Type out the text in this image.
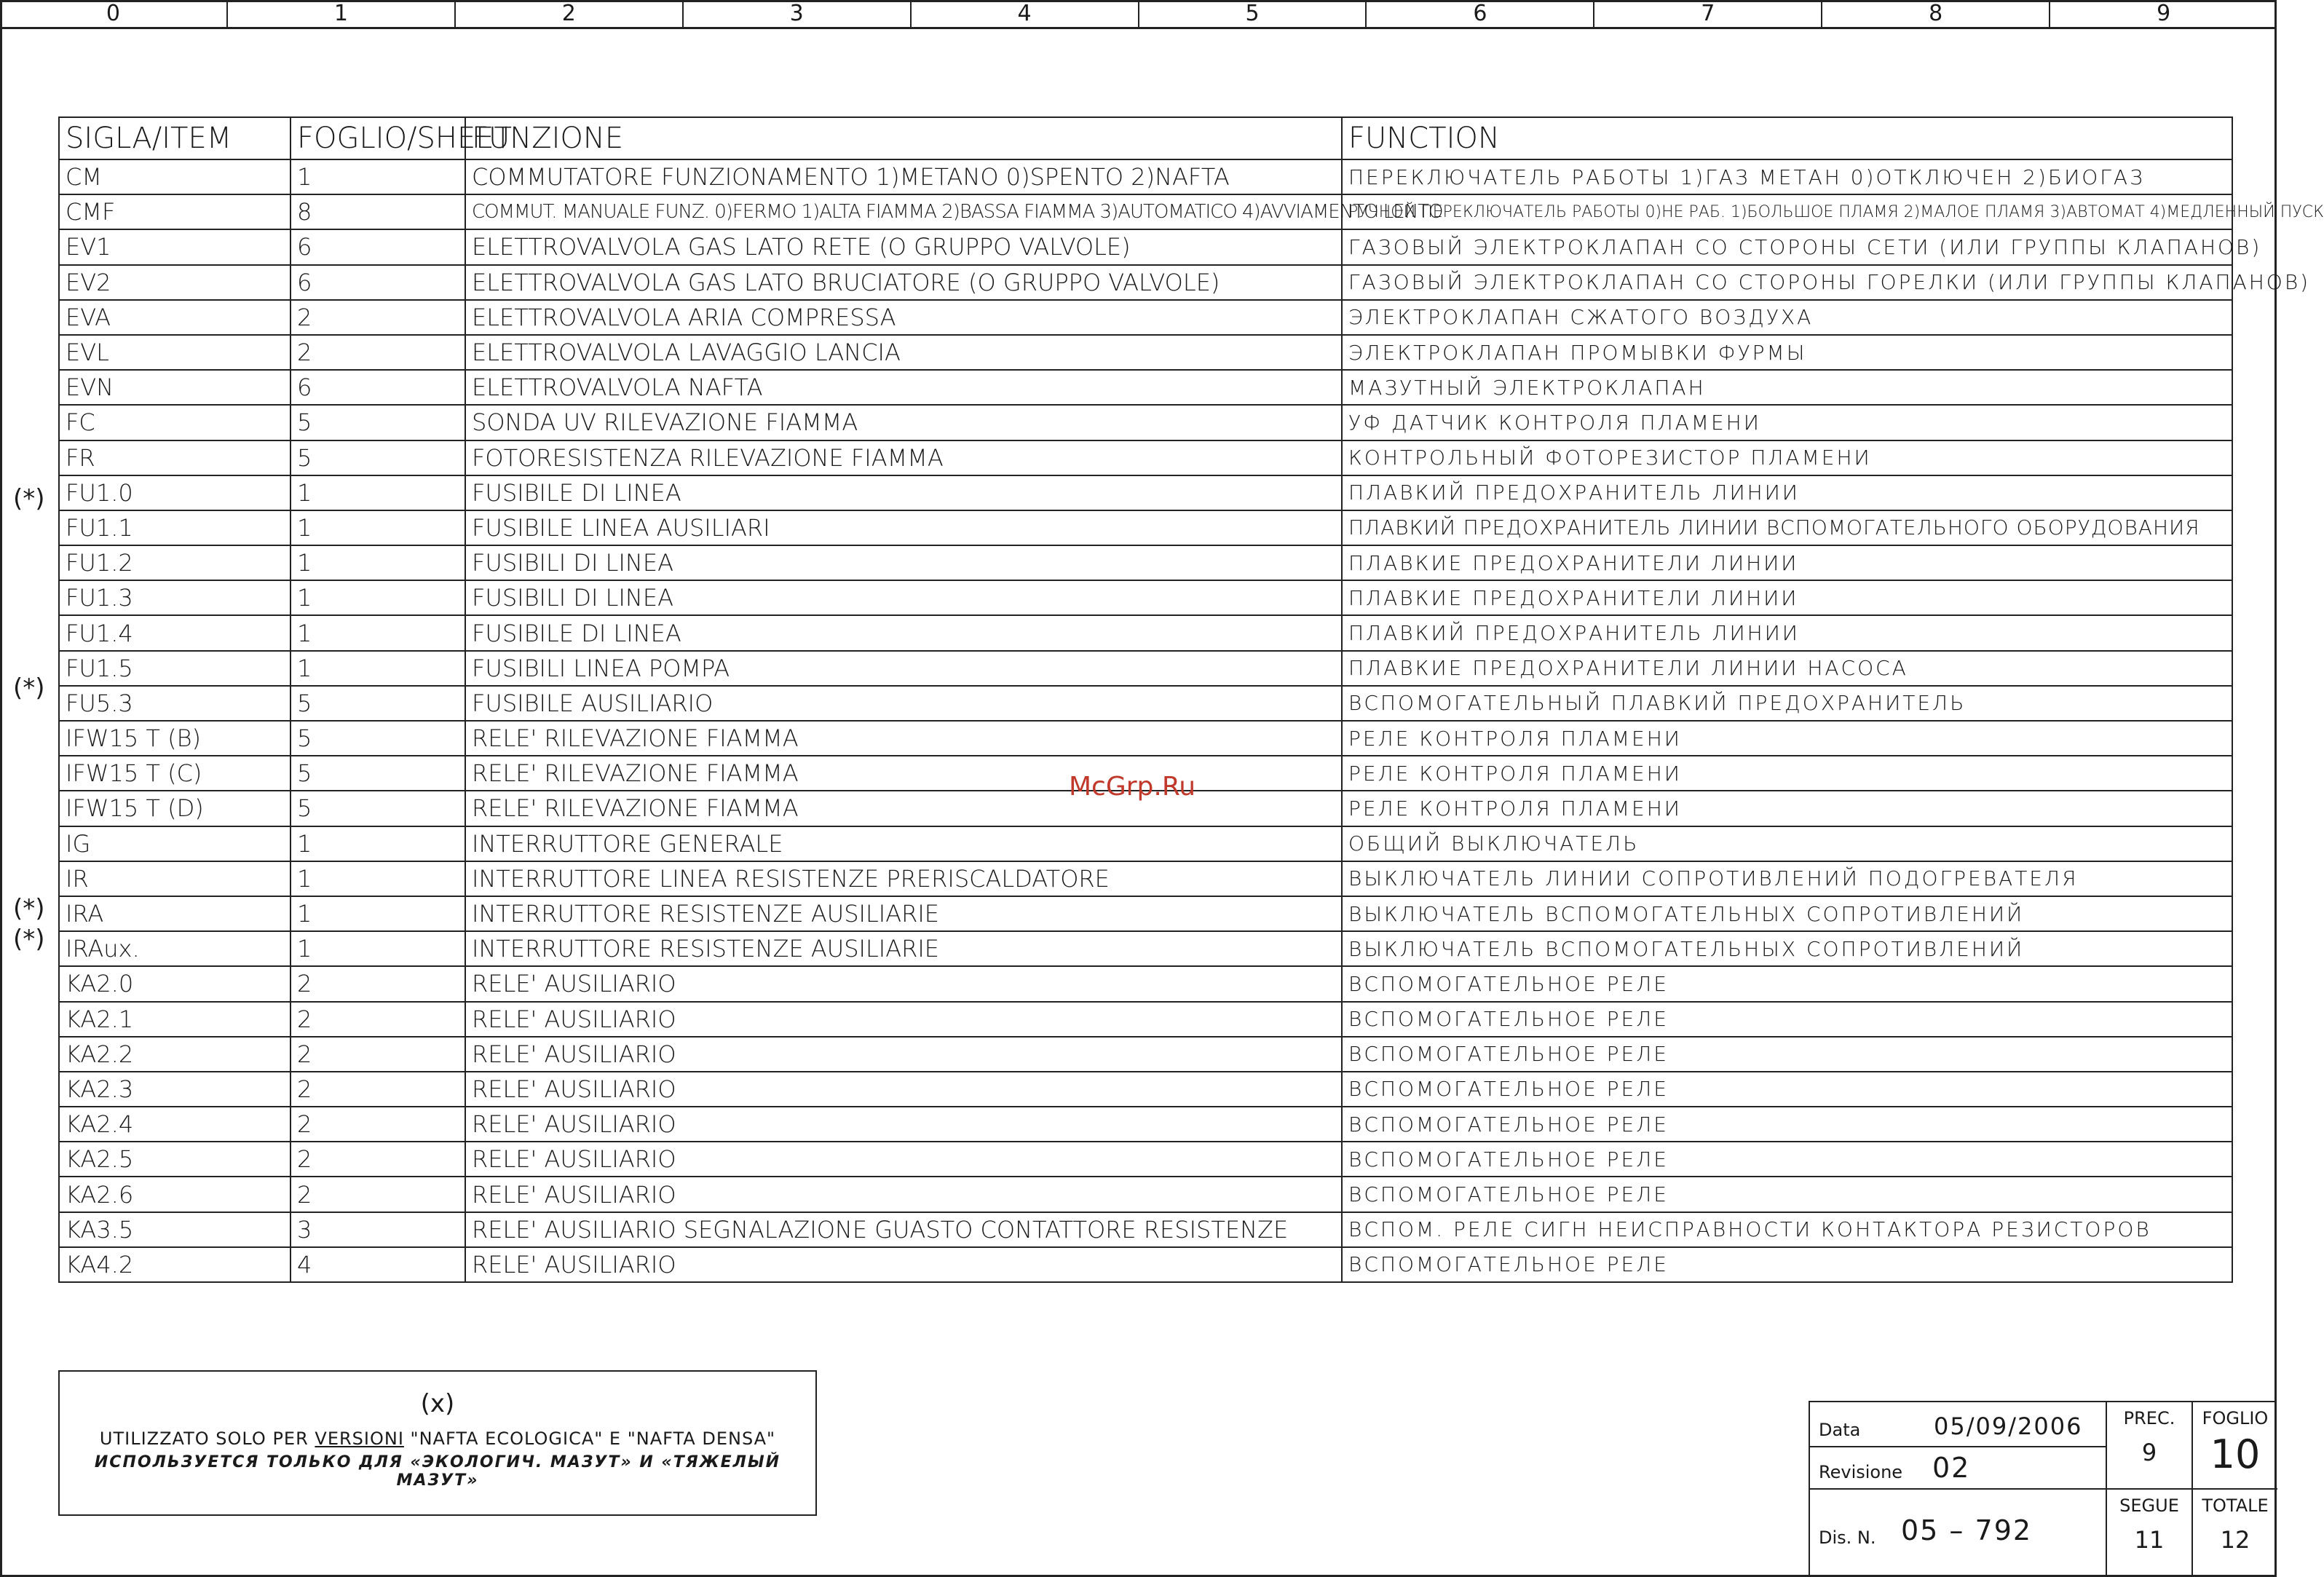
0	1	2	3	4	5	6	7	8	9
SIGLA/ITEM	FOGLIO/SHEET	FUNZIONE	FUNCTION
CM	1	COMMUTATORE FUNZIONAMENTO 1)METANO 0)SPENTO 2)NAFTA	ПЕРЕКЛЮЧАТЕЛЬ РАБОТЫ 1)ГАЗ МЕТАН 0)ОТКЛЮЧЕН 2)БИОГАЗ
CMF	8	COMMUT. MANUALE FUNZ. 0)FERMO 1)ALTA FIAMMA 2)BASSA FIAMMA 3)AUTOMATICO 4)AVVIAMENTO LENTO	РУЧНОЙ ПЕРЕКЛЮЧАТЕЛЬ РАБОТЫ 0)НЕ РАБ. 1)БОЛЬШОЕ ПЛАМЯ 2)МАЛОЕ ПЛАМЯ 3)АВТОМАТ 4)МЕДЛЕННЫЙ ПУСК
EV1	6	ELETTROVALVOLA GAS LATO RETE (O GRUPPO VALVOLE)	ГАЗОВЫЙ ЭЛЕКТРОКЛАПАН СО СТОРОНЫ СЕТИ (ИЛИ ГРУППЫ КЛАПАНОВ)
EV2	6	ELETTROVALVOLA GAS LATO BRUCIATORE (O GRUPPO VALVOLE)	ГАЗОВЫЙ ЭЛЕКТРОКЛАПАН СО СТОРОНЫ ГОРЕЛКИ (ИЛИ ГРУППЫ КЛАПАНОВ)
EVA	2	ELETTROVALVOLA ARIA COMPRESSA	ЭЛЕКТРОКЛАПАН СЖАТОГО ВОЗДУХА
EVL	2	ELETTROVALVOLA LAVAGGIO LANCIA	ЭЛЕКТРОКЛАПАН ПРОМЫВКИ ФУРМЫ
EVN	6	ELETTROVALVOLA NAFTA	МАЗУТНЫЙ ЭЛЕКТРОКЛАПАН
FC	5	SONDA UV RILEVAZIONE FIAMMA	УФ ДАТЧИК КОНТРОЛЯ ПЛАМЕНИ
FR	5	FOTORESISTENZA RILEVAZIONE FIAMMA	КОНТРОЛЬНЫЙ ФОТОРЕЗИСТОР ПЛАМЕНИ
FU1.0	1	FUSIBILE DI LINEA	ПЛАВКИЙ ПРЕДОХРАНИТЕЛЬ ЛИНИИ
FU1.1	1	FUSIBILE LINEA AUSILIARI	ПЛАВКИЙ ПРЕДОХРАНИТЕЛЬ ЛИНИИ ВСПОМОГАТЕЛЬНОГО ОБОРУДОВАНИЯ
FU1.2	1	FUSIBILI DI LINEA	ПЛАВКИЕ ПРЕДОХРАНИТЕЛИ ЛИНИИ
FU1.3	1	FUSIBILI DI LINEA	ПЛАВКИЕ ПРЕДОХРАНИТЕЛИ ЛИНИИ
FU1.4	1	FUSIBILE DI LINEA	ПЛАВКИЙ ПРЕДОХРАНИТЕЛЬ ЛИНИИ
FU1.5	1	FUSIBILI LINEA POMPA	ПЛАВКИЕ ПРЕДОХРАНИТЕЛИ ЛИНИИ НАСОСА
FU5.3	5	FUSIBILE AUSILIARIO	ВСПОМОГАТЕЛЬНЫЙ ПЛАВКИЙ ПРЕДОХРАНИТЕЛЬ
IFW15 T (B)	5	RELE' RILEVAZIONE FIAMMA	РЕЛЕ КОНТРОЛЯ ПЛАМЕНИ
IFW15 T (C)	5	RELE' RILEVAZIONE FIAMMA	РЕЛЕ КОНТРОЛЯ ПЛАМЕНИ
IFW15 T (D)	5	RELE' RILEVAZIONE FIAMMA	РЕЛЕ КОНТРОЛЯ ПЛАМЕНИ
IG	1	INTERRUTTORE GENERALE	ОБЩИЙ ВЫКЛЮЧАТЕЛЬ
IR	1	INTERRUTTORE LINEA RESISTENZE PRERISCALDATORE	ВЫКЛЮЧАТЕЛЬ ЛИНИИ СОПРОТИВЛЕНИЙ ПОДОГРЕВАТЕЛЯ
IRA	1	INTERRUTTORE RESISTENZE AUSILIARIE	ВЫКЛЮЧАТЕЛЬ ВСПОМОГАТЕЛЬНЫХ СОПРОТИВЛЕНИЙ
IRAux.	1	INTERRUTTORE RESISTENZE AUSILIARIE	ВЫКЛЮЧАТЕЛЬ ВСПОМОГАТЕЛЬНЫХ СОПРОТИВЛЕНИЙ
KA2.0	2	RELE' AUSILIARIO	ВСПОМОГАТЕЛЬНОЕ РЕЛЕ
KA2.1	2	RELE' AUSILIARIO	ВСПОМОГАТЕЛЬНОЕ РЕЛЕ
KA2.2	2	RELE' AUSILIARIO	ВСПОМОГАТЕЛЬНОЕ РЕЛЕ
KA2.3	2	RELE' AUSILIARIO	ВСПОМОГАТЕЛЬНОЕ РЕЛЕ
KA2.4	2	RELE' AUSILIARIO	ВСПОМОГАТЕЛЬНОЕ РЕЛЕ
KA2.5	2	RELE' AUSILIARIO	ВСПОМОГАТЕЛЬНОЕ РЕЛЕ
KA2.6	2	RELE' AUSILIARIO	ВСПОМОГАТЕЛЬНОЕ РЕЛЕ
KA3.5	3	RELE' AUSILIARIO SEGNALAZIONE GUASTO CONTATTORE RESISTENZE	ВСПОМ. РЕЛЕ СИГН НЕИСПРАВНОСТИ КОНТАКТОРА РЕЗИСТОРОВ
KA4.2	4	RELE' AUSILIARIO	ВСПОМОГАТЕЛЬНОЕ РЕЛЕ
(*)
(*)
(*)
(*)
McGrp.Ru
(x)
UTILIZZATO SOLO PER VERSIONI "NAFTA ECOLOGICA" E "NAFTA DENSA"
ИСПОЛЬЗУЕТСЯ ТОЛЬКО ДЛЯ «ЭКОЛОГИЧ. МАЗУТ» И «ТЯЖЕЛЫЙ МАЗУТ»
Data	05/09/2006
Revisione 02
Dis. N. 05 – 792
PREC.
9
FOGLIO
10
SEGUE
11
TOTALE
12
